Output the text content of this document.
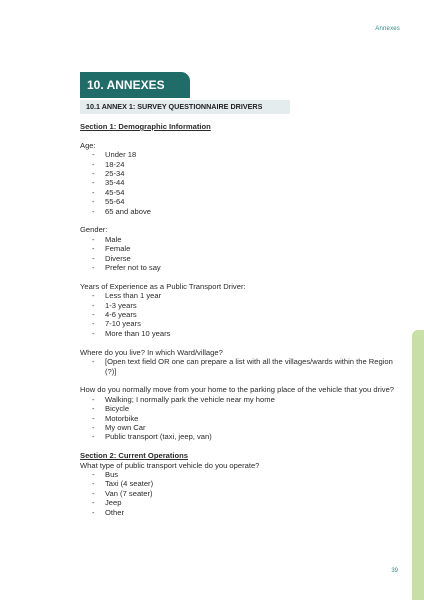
Annexes
10. ANNEXES
10.1 ANNEX 1: SURVEY QUESTIONNAIRE DRIVERS

Section 1: Demographic Information

Age:

- Under 18
- 18-24
- 25-34
- 35-44
- 45-54
- 55-64
- 65 and above

Gender:

- Male
- Female
- Diverse
- Prefer not to say

Years of Experience as a Public Transport Driver:

- Less than 1 year
- 1-3 years
- 4-6 years
- 7-10 years
- More than 10 years

Where do you live? In which Ward/village?

- [Open text field OR one can prepare a list with all the villages/wards within the Region (?)]

How do you normally move from your home to the parking place of the vehicle that you drive?

- Walking; I normally park the vehicle near my home
- Bicycle
- Motorbike
- My own Car
- Public transport (taxi, jeep, van)

Section 2: Current Operations

What type of public transport vehicle do you operate?

- Bus
- Taxi (4 seater)
- Van (7 seater)
- Jeep
- Other
39
